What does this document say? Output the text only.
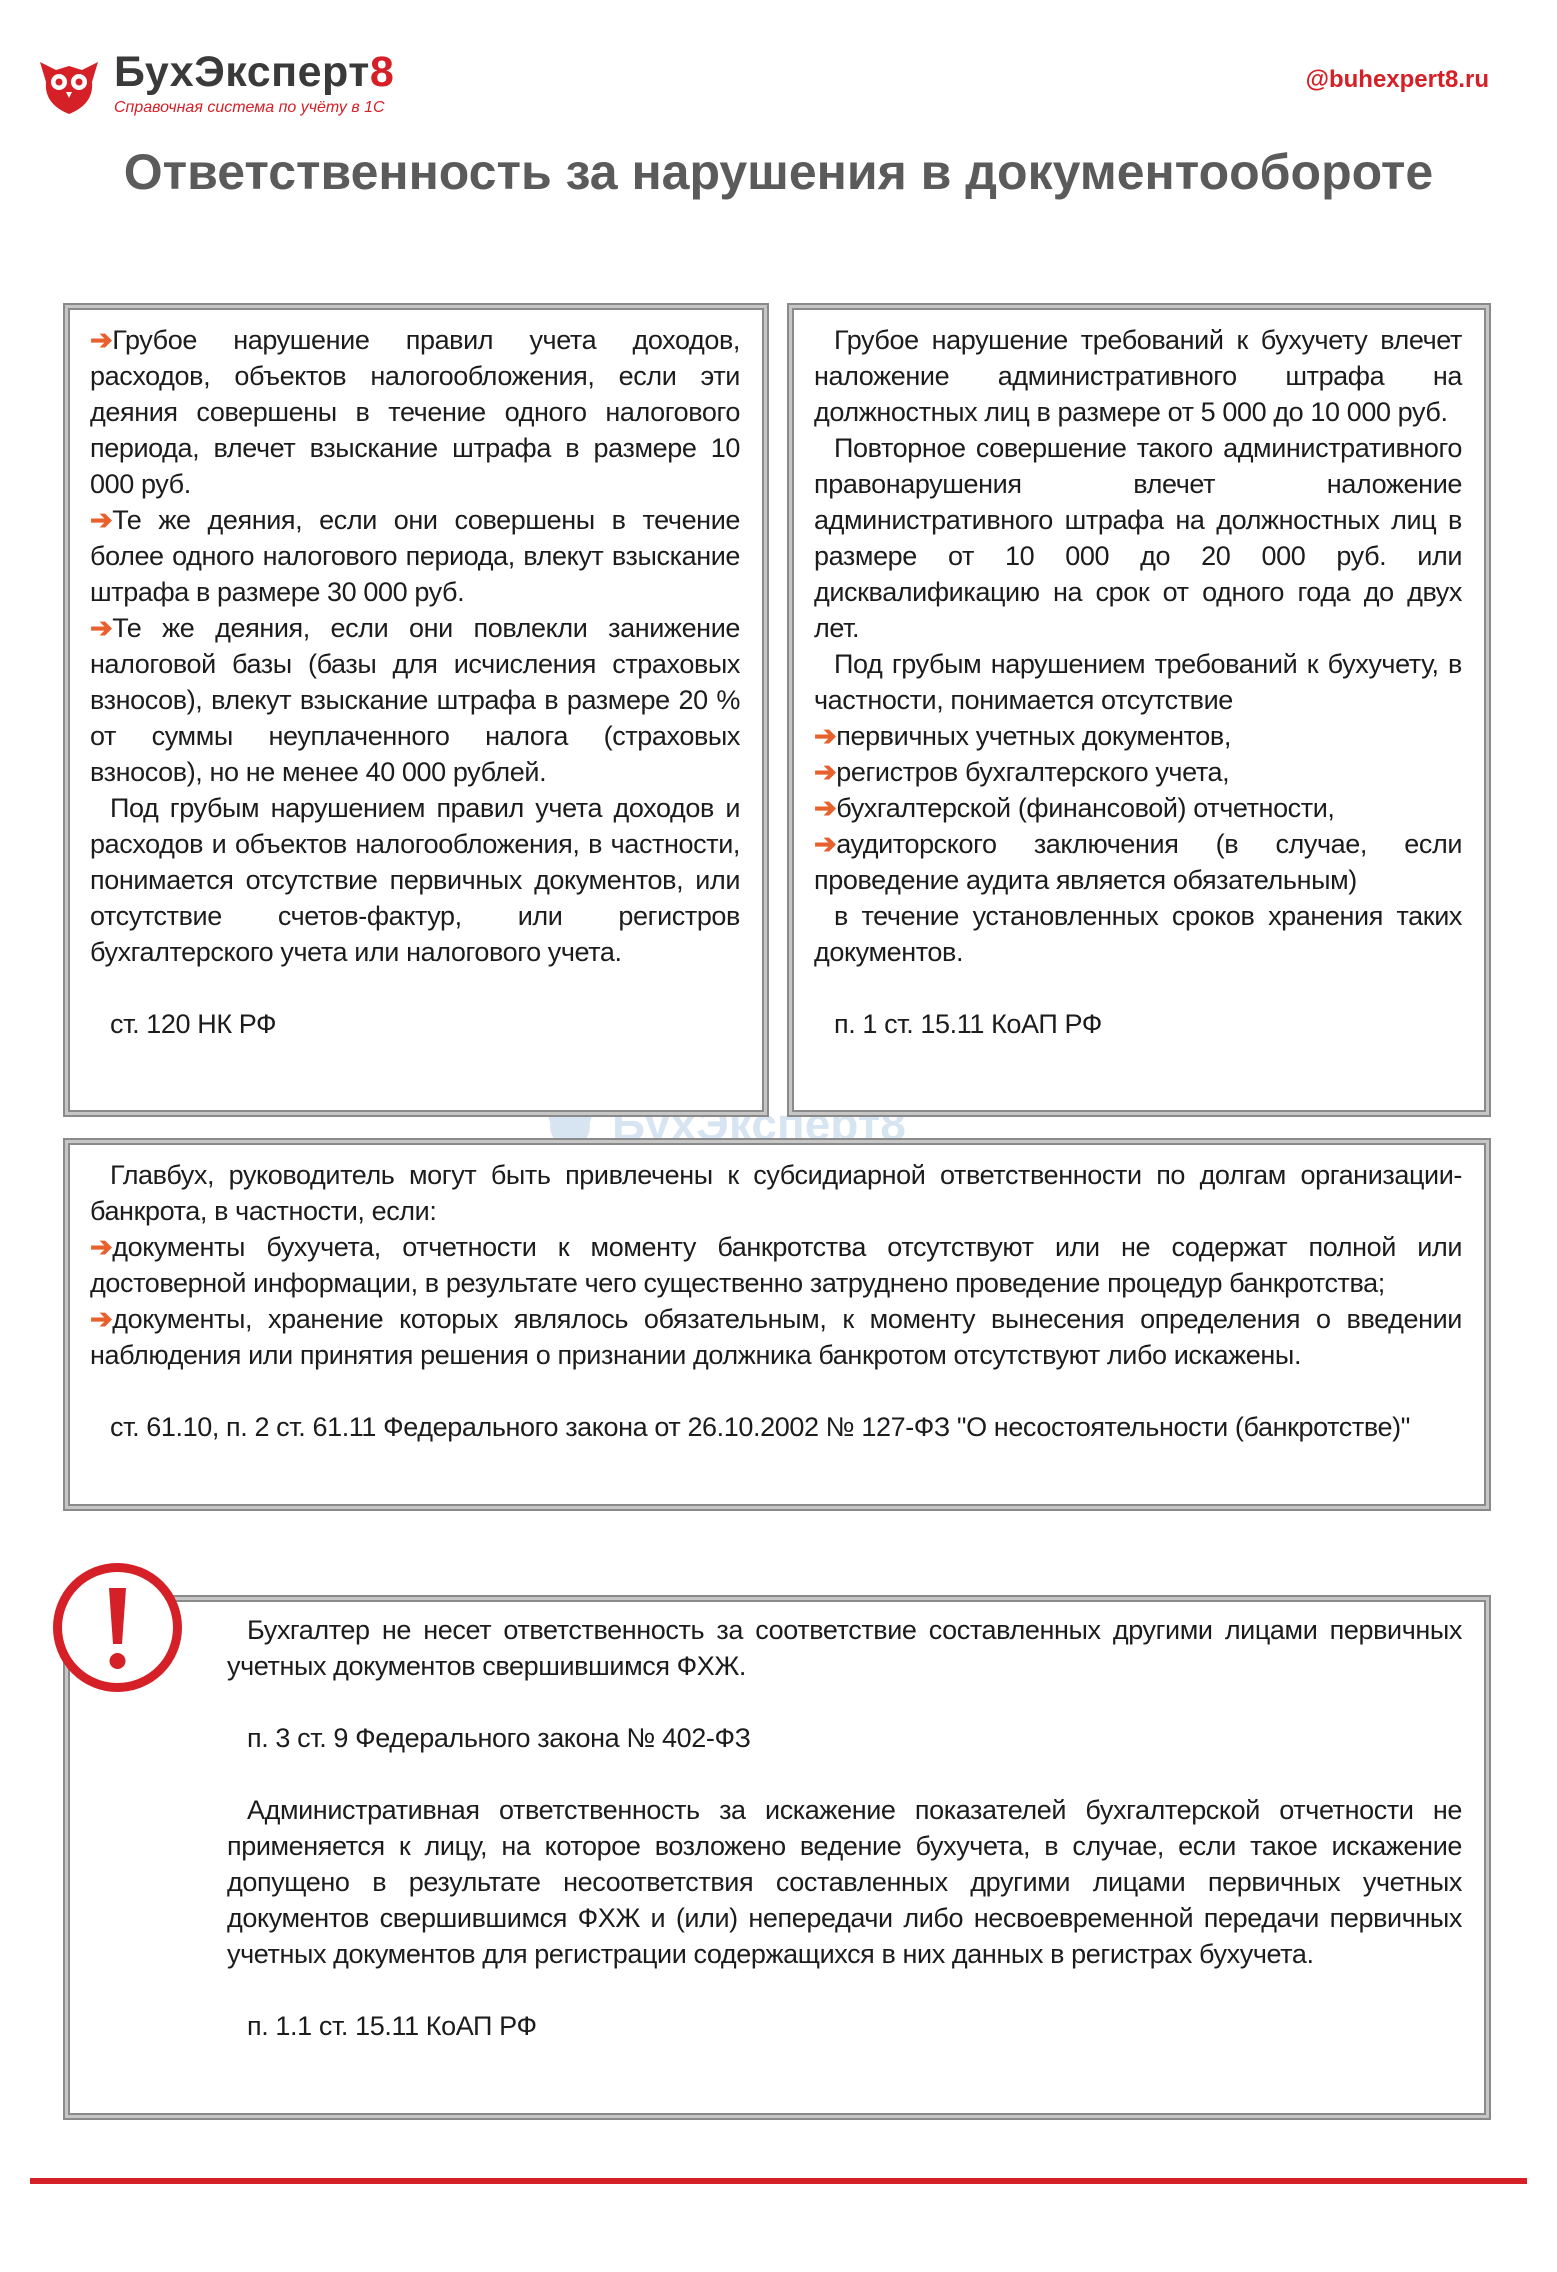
БухЭксперт8
Справочная система по учёту в 1С
@buhexpert8.ru
Ответственность за нарушения в документообороте
БухЭксперт8

➔Грубое нарушение правил учета доходов, расходов, объектов налогообложения, если эти деяния совершены в течение одного налогового периода, влечет взыскание штрафа в размере 10 000 руб.

➔Те же деяния, если они совершены в течение более одного налогового периода, влекут взыскание штрафа в размере 30 000 руб.

➔Те же деяния, если они повлекли занижение налоговой базы (базы для исчисления страховых взносов), влекут взыскание штрафа в размере 20 % от суммы неуплаченного налога (страховых взносов), но не менее 40 000 рублей.

Под грубым нарушением правил учета доходов и расходов и объектов налогообложения, в частности, понимается отсутствие первичных документов, или отсутствие счетов-фактур, или регистров бухгалтерского учета или налогового учета.

ст. 120 НК РФ

Грубое нарушение требований к бухучету влечет наложение административного штрафа на должностных лиц в размере от 5 000 до 10 000 руб.

Повторное совершение такого административного правонарушения влечет наложение административного штрафа на должностных лиц в размере от 10 000 до 20 000 руб. или дисквалификацию на срок от одного года до двух лет.

Под грубым нарушением требований к бухучету, в частности, понимается отсутствие

➔первичных учетных документов,

➔регистров бухгалтерского учета,

➔бухгалтерской (финансовой) отчетности,

➔аудиторского заключения (в случае, если проведение аудита является обязательным)

в течение установленных сроков хранения таких документов.

п. 1 ст. 15.11 КоАП РФ

Главбух, руководитель могут быть привлечены к субсидиарной ответственности по долгам организации-банкрота, в частности, если:

➔документы бухучета, отчетности к моменту банкротства отсутствуют или не содержат полной или достоверной информации, в результате чего существенно затруднено проведение процедур банкротства;

➔документы, хранение которых являлось обязательным, к моменту вынесения определения о введении наблюдения или принятия решения о признании должника банкротом отсутствуют либо искажены.

ст. 61.10, п. 2 ст. 61.11 Федерального закона от 26.10.2002 № 127-ФЗ "О несостоятельности (банкротстве)"

Бухгалтер не несет ответственность за соответствие составленных другими лицами первичных учетных документов свершившимся ФХЖ.

п. 3 ст. 9 Федерального закона № 402-ФЗ

Административная ответственность за искажение показателей бухгалтерской отчетности не применяется к лицу, на которое возложено ведение бухучета, в случае, если такое искажение допущено в результате несоответствия составленных другими лицами первичных учетных документов свершившимся ФХЖ и (или) непередачи либо несвоевременной передачи первичных учетных документов для регистрации содержащихся в них данных в регистрах бухучета.

п. 1.1 ст. 15.11 КоАП РФ
